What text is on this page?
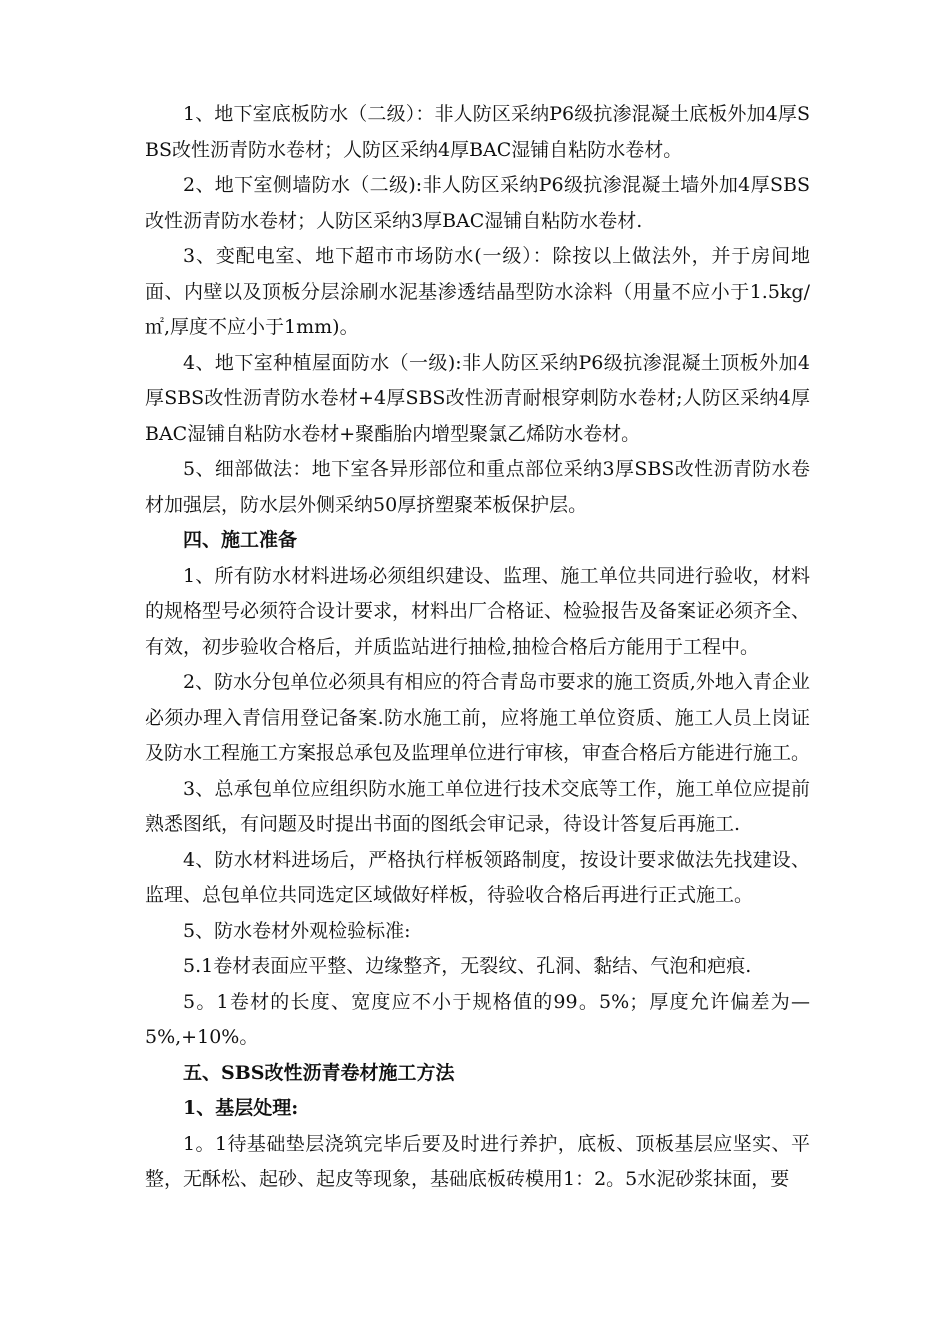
1、地下室底板防水（二级）：非人防区采纳P6级抗渗混凝土底板外加4厚SBS改性沥青防水卷材；人防区采纳4厚BAC湿铺自粘防水卷材。

2、地下室侧墙防水（二级):非人防区采纳P6级抗渗混凝土墙外加4厚SBS改性沥青防水卷材；人防区采纳3厚BAC湿铺自粘防水卷材.

3、变配电室、地下超市市场防水(一级）：除按以上做法外，并于房间地面、内壁以及顶板分层涂刷水泥基渗透结晶型防水涂料（用量不应小于1.5kg/㎡,厚度不应小于1mm)。

4、地下室种植屋面防水（一级):非人防区采纳P6级抗渗混凝土顶板外加4厚SBS改性沥青防水卷材+4厚SBS改性沥青耐根穿刺防水卷材;人防区采纳4厚BAC湿铺自粘防水卷材+聚酯胎内增型聚氯乙烯防水卷材。

5、细部做法：地下室各异形部位和重点部位采纳3厚SBS改性沥青防水卷材加强层，防水层外侧采纳50厚挤塑聚苯板保护层。

四、施工准备

1、所有防水材料进场必须组织建设、监理、施工单位共同进行验收，材料的规格型号必须符合设计要求，材料出厂合格证、检验报告及备案证必须齐全、有效，初步验收合格后，并质监站进行抽检,抽检合格后方能用于工程中。

2、防水分包单位必须具有相应的符合青岛市要求的施工资质,外地入青企业必须办理入青信用登记备案.防水施工前，应将施工单位资质、施工人员上岗证及防水工程施工方案报总承包及监理单位进行审核，审查合格后方能进行施工。

3、总承包单位应组织防水施工单位进行技术交底等工作，施工单位应提前熟悉图纸，有问题及时提出书面的图纸会审记录，待设计答复后再施工.

4、防水材料进场后，严格执行样板领路制度，按设计要求做法先找建设、监理、总包单位共同选定区域做好样板，待验收合格后再进行正式施工。

5、防水卷材外观检验标准:

5.1卷材表面应平整、边缘整齐，无裂纹、孔洞、黏结、气泡和疤痕.

5。1卷材的长度、宽度应不小于规格值的99。5%；厚度允许偏差为—5%,+10%。

五、SBS改性沥青卷材施工方法

1、基层处理:

1。1待基础垫层浇筑完毕后要及时进行养护，底板、顶板基层应坚实、平整，无酥松、起砂、起皮等现象，基础底板砖模用1：2。5水泥砂浆抹面，要
